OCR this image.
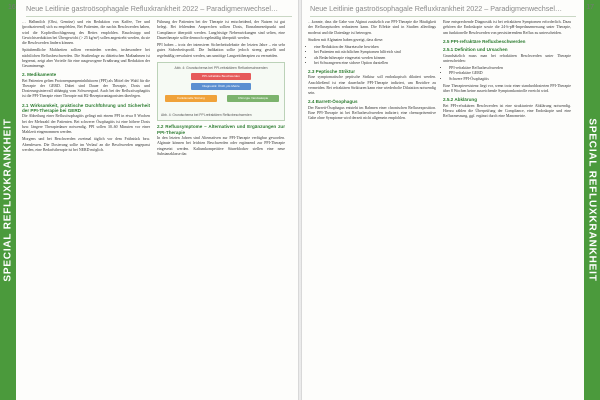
SPECIAL REFLUXKRANKHEIT
16 Neue Leitlinie gastroösophagale Refluxkrankheit 2022 – Paradigmenwechsel…

… Halbmilch (Obst, Gemüse) und ein Reduktion von Kaffee, Tee und (produzierend) sich zu empfehlen, Bei Patienten, die nachts Beschwerden haben, wird die Kopfteilhochlagerung des Bettes empfohlen. Rauchstopp und Gewichtsreduktion bei Übergewicht (> 25 kg/m²) sollen angestrebt werden, da sie die Beschwerden lindern können.

Spätabendliche Mahlzeiten sollten vermieden werden, insbesondere bei nächtlichen Refluxbeschwerden. Die Studienlage zu diätetischen Maßnahmen ist begrenzt, zeigt aber Vorteile für eine ausgewogene Ernährung und Reduktion der Gesamtmenge.

2. Medikamente

Bei Patienten gelten Protonenpumpeninhibitoren (PPI) als Mittel der Wahl für die Therapie der GERD. Dabei sind Dauer der Therapie, Dosis und Dosierungsintervall abhängig vom Schweregrad. Auch bei der Refluxösophagitis ist die PPI-Therapie einer Therapie mit H2-Rezeptorantagonisten überlegen.

2.1 Wirksamkeit, praktische Durchführung und Sicherheit der PPI-Therapie bei GERD

Die Abheilung einer Refluxösophagitis gelingt mit einem PPI in etwa 8 Wochen bei der Mehrzahl der Patienten. Bei schwerer Ösophagitis ist eine höhere Dosis bzw. längere Therapiedauer notwendig. PPI sollen 30–60 Minuten vor einer Mahlzeit eingenommen werden.

Morgens und bei Beschwerden zweimal täglich vor dem Frühstück bzw. Abendessen. Die Dosierung sollte im Verlauf an die Beschwerden angepasst werden, eine Bedarfstherapie ist bei NERD möglich.

Führung der Patienten bei der Therapie ist entscheidend, der Nutzen ist gut belegt. Bei fehlendem Ansprechen sollten Dosis, Einnahmezeitpunkt und Compliance überprüft werden. Langfristige Nebenwirkungen sind selten, eine Dauertherapie sollte dennoch regelmäßig überprüft werden.

PPI haben – trotz der intensiven Sicherheitsdebatte der letzten Jahre – ein sehr gutes Sicherheitsprofil. Die Indikation sollte jedoch streng gestellt und regelmäßig reevaluiert werden, um unnötige Langzeittherapien zu vermeiden.

Abb. 4: Grundschema bei PPI-refraktären Refluxbeschwerden
PPI-refraktäre Beschwerden
Diagnostik: ÖGD, pH-Metrie
Funktionelle Störung	Chirurgie / Endoskopie
Abb. 4: Grundschema bei PPI-refraktären Refluxbeschwerden
2.2 Refluxsymptome – Alternativen und Ergänzungen zur PPI-Therapie

In den letzten Jahren sind Alternativen zur PPI-Therapie verfügbar geworden. Alginate können bei leichten Beschwerden oder ergänzend zur PPI-Therapie eingesetzt werden. Kaliumkompetitive Säureblocker stellen eine neue Substanzklasse dar.	SPECIAL REFLUXKRANKHEIT
17
Neue Leitlinie gastroösophagale Refluxkrankheit 2022 – Paradigmenwechsel…

…konnte, dass die Gabe von Alginat zusätzlich zur PPI-Therapie die Häufigkeit der Refluxepisoden reduzieren kann. Die Effekte sind in Studien allerdings moderat und die Datenlage ist heterogen.

Studien mit Alginaten haben gezeigt, dass diese:

• eine Reduktion der Säuretasche bewirken
• bei Patienten mit nächtlichen Symptomen hilfreich sind
• als Bedarfstherapie eingesetzt werden können
• bei Schwangeren eine sichere Option darstellen
2.3 Peptische Striktur

Eine symptomatische peptische Striktur soll endoskopisch dilatiert werden. Anschließend ist eine dauerhafte PPI-Therapie indiziert, um Rezidive zu vermeiden. Bei refraktären Strikturen kann eine wiederholte Dilatation notwendig sein.

2.4 Barrett-Ösophagus

Der Barrett-Ösophagus entsteht im Rahmen einer chronischen Refluxexposition. Eine PPI-Therapie ist bei Refluxbeschwerden indiziert; eine chemopräventive Gabe ohne Symptome wird derzeit nicht allgemein empfohlen.

Eine entsprechende Diagnostik ist bei refraktären Symptomen erforderlich. Dazu gehören die Endoskopie sowie die 24-h-pH-Impedanzmessung unter Therapie, um funktionelle Beschwerden von persistierendem Reflux zu unterscheiden.

2.5 PPI-refraktäre Refluxbeschwerden
2.5.1 Definition und Ursachen

Grundsätzlich muss man bei refraktären Beschwerden unter Therapie unterscheiden:

• PPI-refraktäre Refluxbeschwerden
• PPI-refraktäre GERD
• Schwere PPI-Ösophagitis

Eine Therapieresistenz liegt vor, wenn trotz einer standarddosierten PPI-Therapie über 8 Wochen keine ausreichende Symptomkontrolle erreicht wird.

2.5.2 Abklärung

Bei PPI-refraktären Beschwerden ist eine strukturierte Abklärung notwendig. Hierzu zählen die Überprüfung der Compliance, eine Endoskopie und eine Refluxmessung, ggf. ergänzt durch eine Manometrie.
